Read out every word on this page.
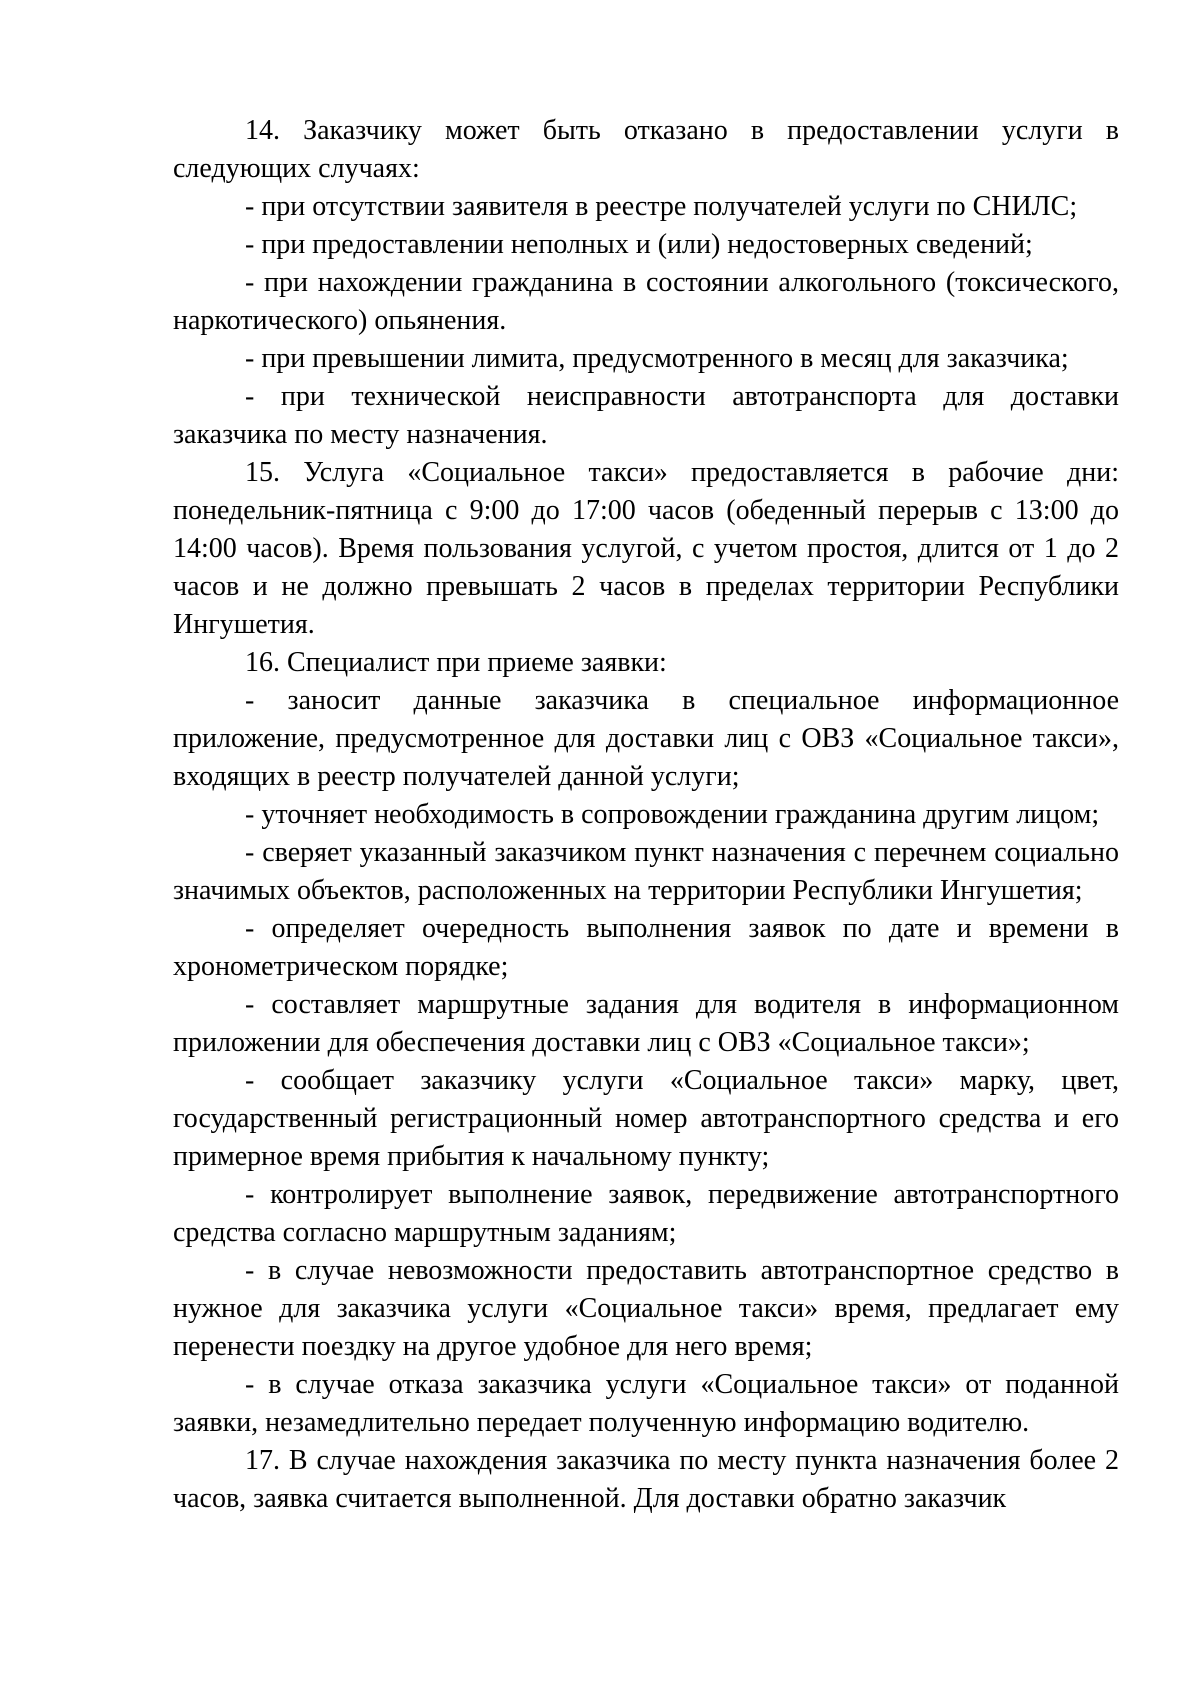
14. Заказчику может быть отказано в предоставлении услуги в следующих случаях:

- при отсутствии заявителя в реестре получателей услуги по СНИЛС;

- при предоставлении неполных и (или) недостоверных сведений;

- при нахождении гражданина в состоянии алкогольного (токсического, наркотического) опьянения.

- при превышении лимита, предусмотренного в месяц для заказчика;

- при технической неисправности автотранспорта для доставки заказчика по месту назначения.

15. Услуга «Социальное такси» предоставляется в рабочие дни: понедельник-пятница с 9:00 до 17:00 часов (обеденный перерыв с 13:00 до 14:00 часов). Время пользования услугой, с учетом простоя, длится от 1 до 2 часов и не должно превышать 2 часов в пределах территории Республики Ингушетия.

16. Специалист при приеме заявки:

- заносит данные заказчика в специальное информационное приложение, предусмотренное для доставки лиц с ОВЗ «Социальное такси», входящих в реестр получателей данной услуги;

- уточняет необходимость в сопровождении гражданина другим лицом;

- сверяет указанный заказчиком пункт назначения с перечнем социально значимых объектов, расположенных на территории Республики Ингушетия;

- определяет очередность выполнения заявок по дате и времени в хронометрическом порядке;

- составляет маршрутные задания для водителя в информационном приложении для обеспечения доставки лиц с ОВЗ «Социальное такси»;

- сообщает заказчику услуги «Социальное такси» марку, цвет, государственный регистрационный номер автотранспортного средства и его примерное время прибытия к начальному пункту;

- контролирует выполнение заявок, передвижение автотранспортного средства согласно маршрутным заданиям;

- в случае невозможности предоставить автотранспортное средство в нужное для заказчика услуги «Социальное такси» время, предлагает ему перенести поездку на другое удобное для него время;

- в случае отказа заказчика услуги «Социальное такси» от поданной заявки, незамедлительно передает полученную информацию водителю.

17. В случае нахождения заказчика по месту пункта назначения более 2 часов, заявка считается выполненной. Для доставки обратно заказчик
